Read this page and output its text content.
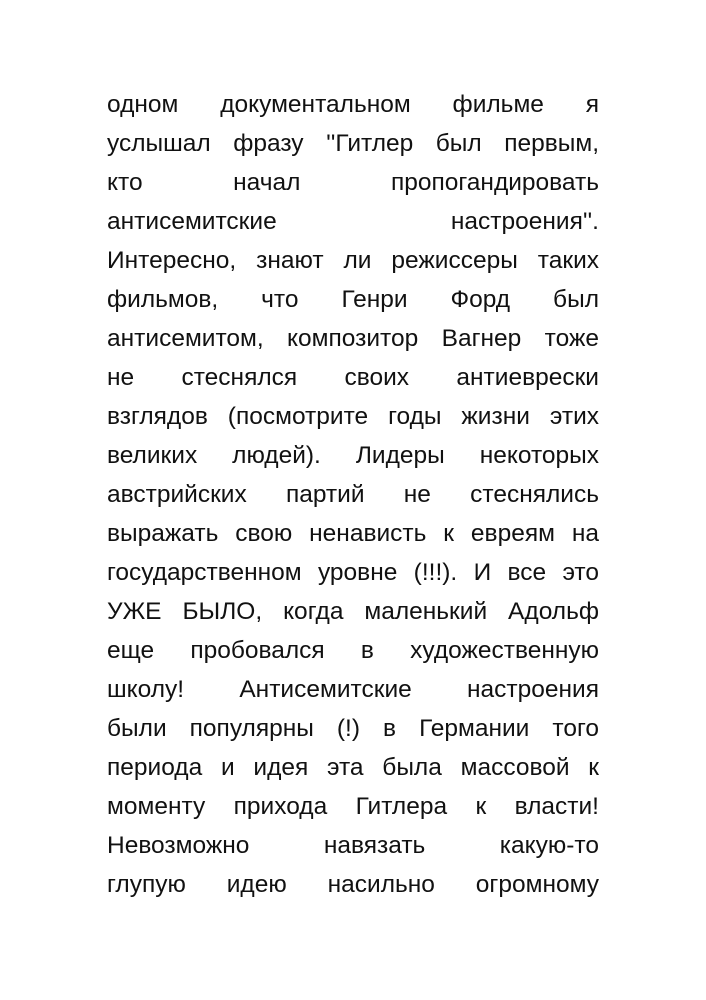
одном документальном фильме я
услышал фразу ''Гитлер был первым,
кто начал пропогандировать
антисемитские настроения''.
Интересно, знают ли режиссеры таких
фильмов, что Генри Форд был
антисемитом, композитор Вагнер тоже
не стеснялся своих антиеврески
взглядов (посмотрите годы жизни этих
великих людей). Лидеры некоторых
австрийских партий не стеснялись
выражать свою ненависть к евреям на
государственном уровне (!!!). И все это
УЖЕ БЫЛО, когда маленький Адольф
еще пробовался в художественную
школу! Антисемитские настроения
были популярны (!) в Германии того
периода и идея эта была массовой к
моменту прихода Гитлера к власти!
Невозможно навязать какую-то
глупую идею насильно огромному
